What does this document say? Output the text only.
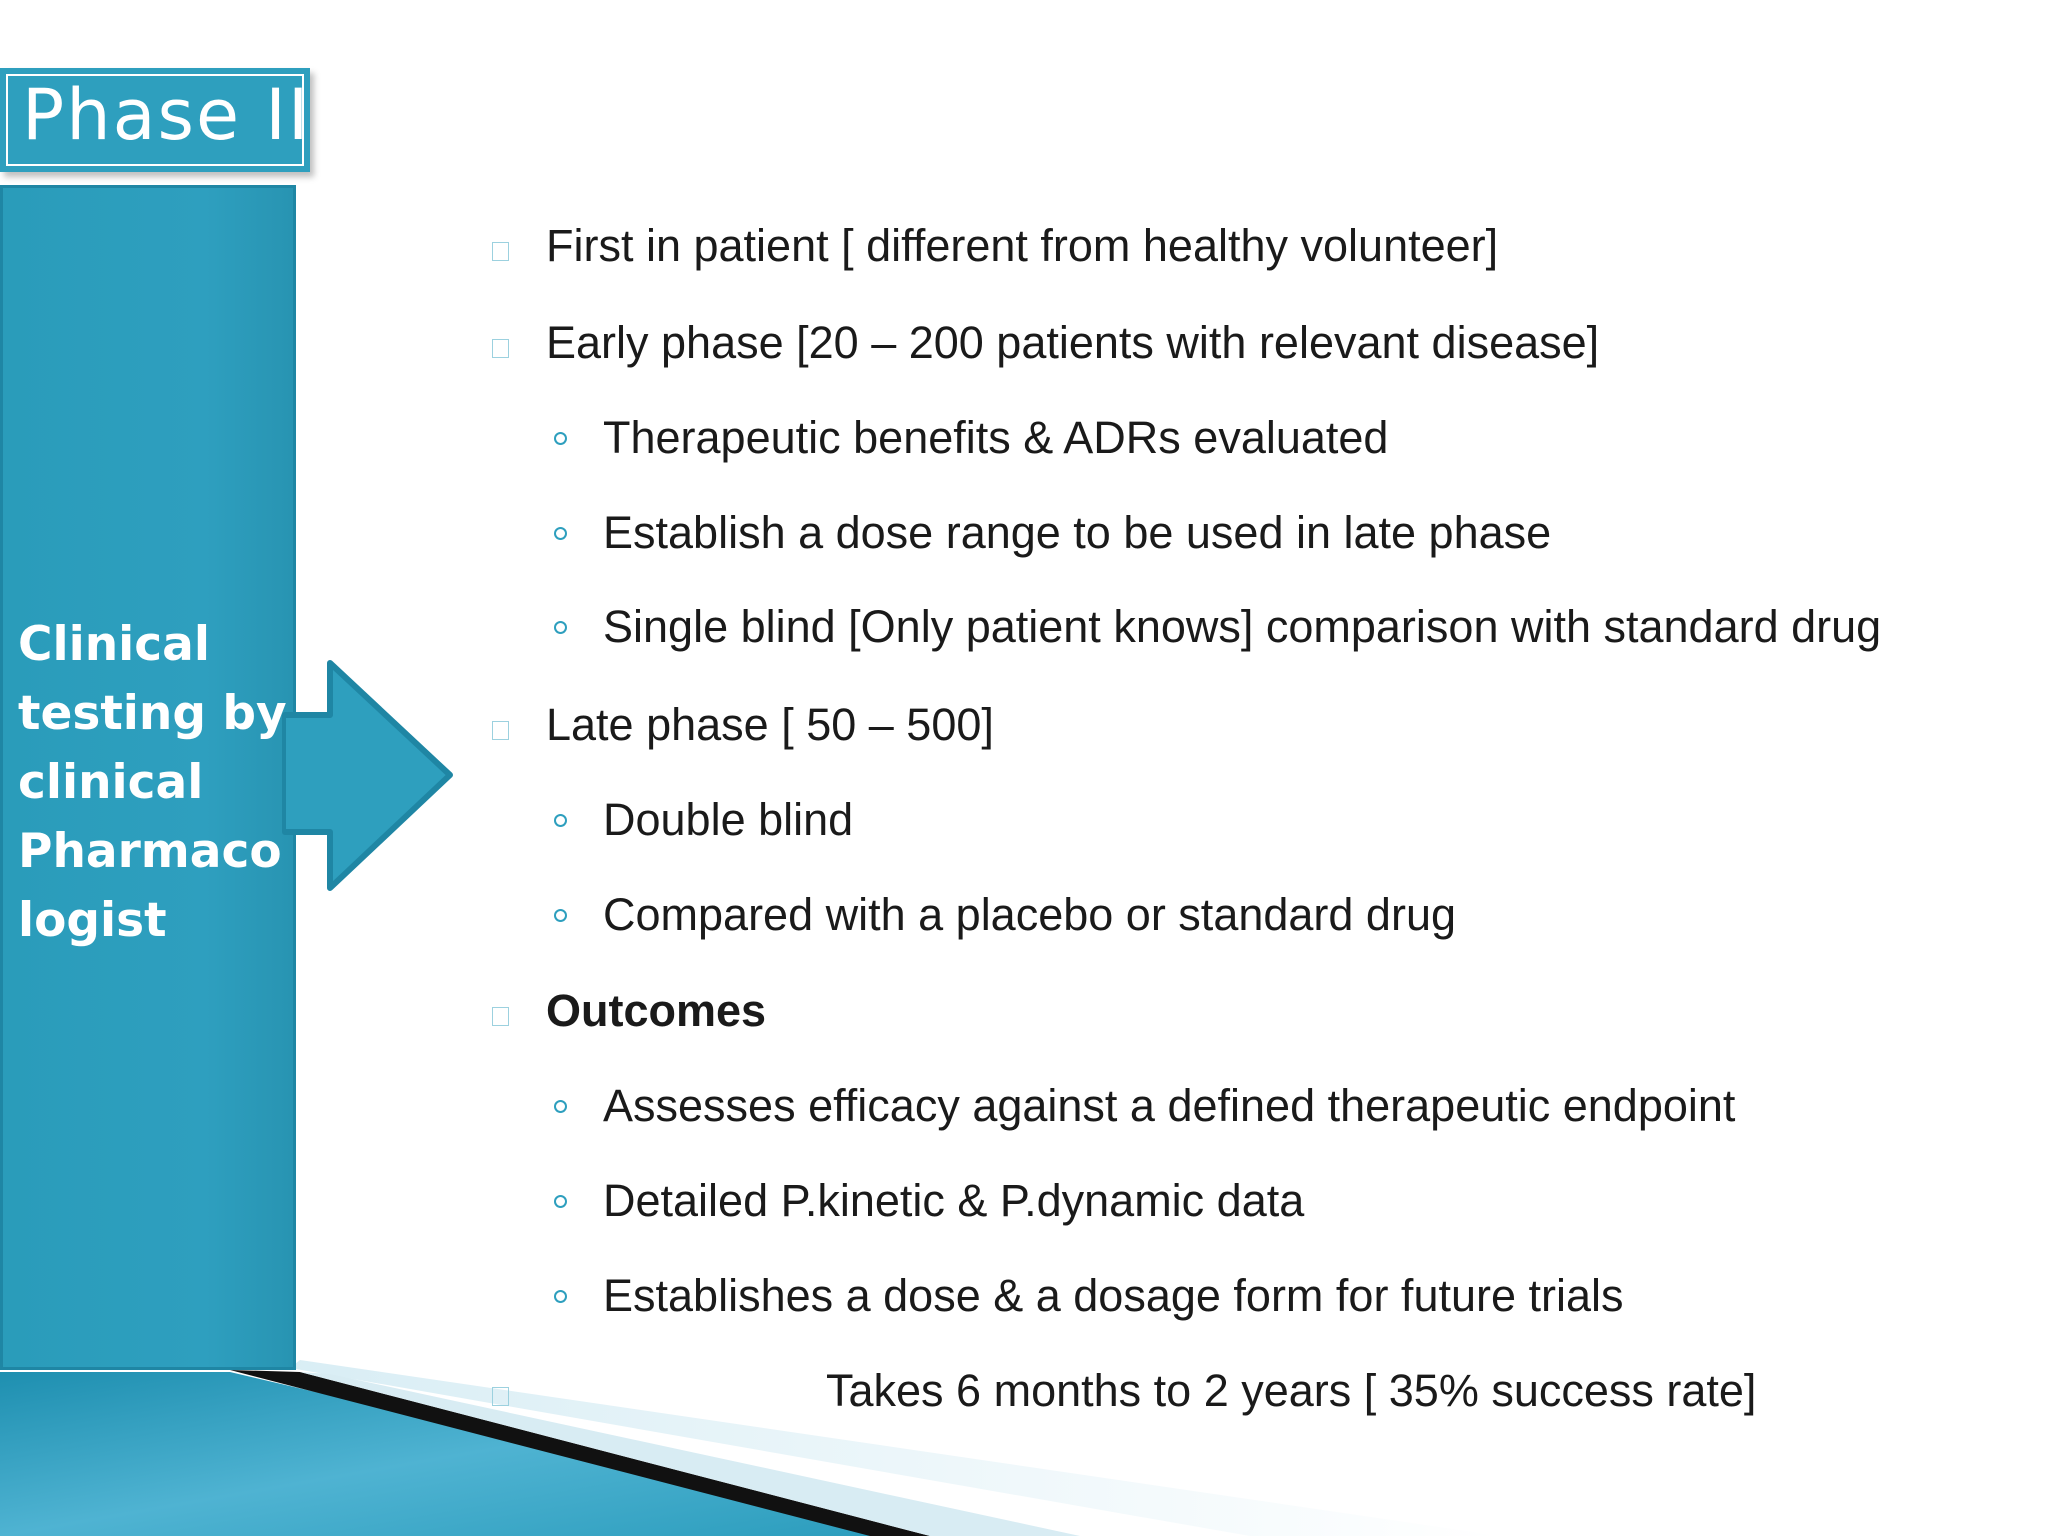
Clinical
testing by
clinical
Pharmaco
logist
Phase II
First in patient [ different from healthy volunteer]
Early phase [20 – 200 patients with relevant disease]
Therapeutic benefits & ADRs evaluated
Establish a dose range to be used in late phase
Single blind [Only patient knows] comparison with standard drug
Late phase [ 50 – 500]
Double blind
Compared with a placebo or standard drug
Outcomes
Assesses efficacy against a defined therapeutic endpoint
Detailed P.kinetic & P.dynamic data
Establishes a dose & a dosage form for future trials
Takes 6 months to 2 years [ 35% success rate]
